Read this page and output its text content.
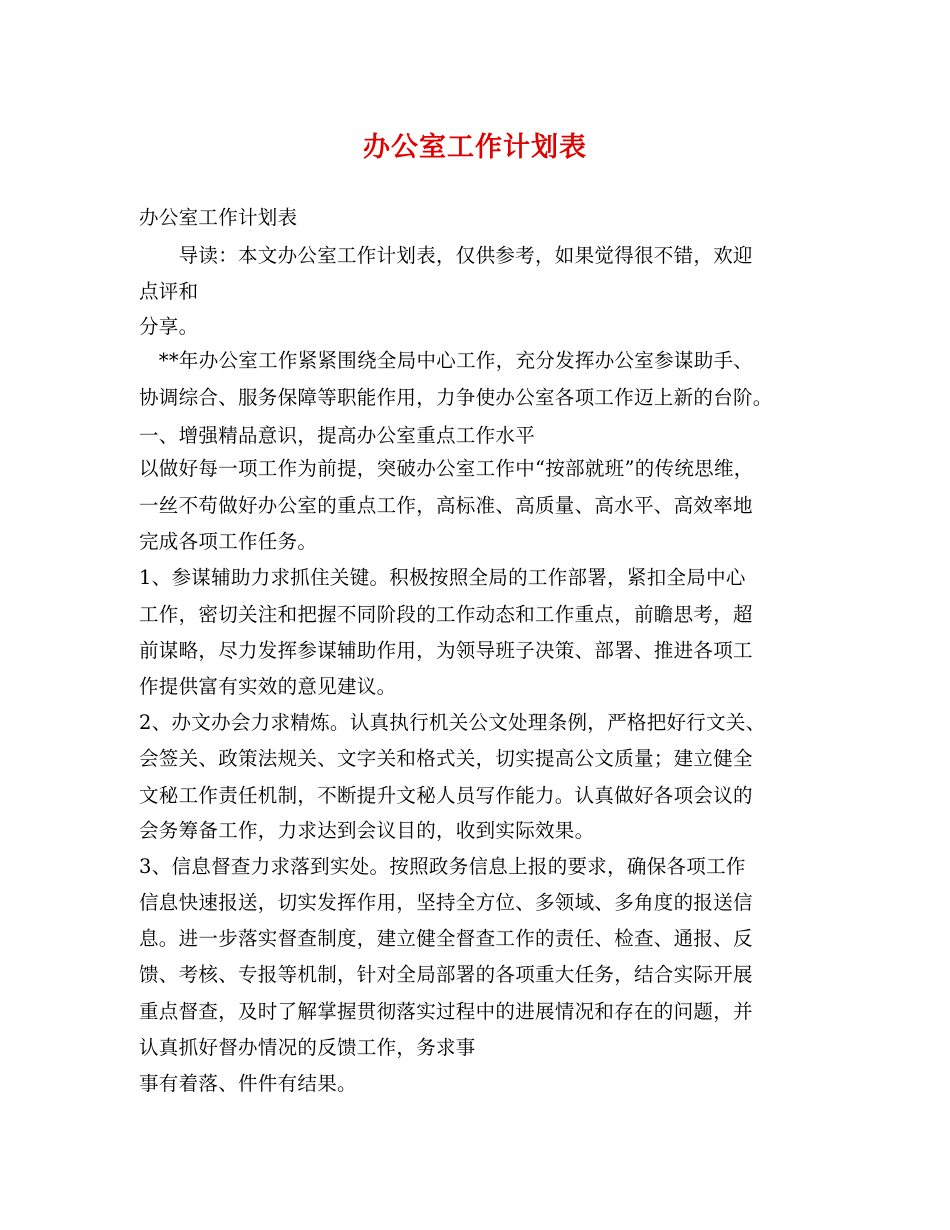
办公室工作计划表
办公室工作计划表
　　导读：本文办公室工作计划表，仅供参考，如果觉得很不错，欢迎
点评和
分享。
　**年办公室工作紧紧围绕全局中心工作，充分发挥办公室参谋助手、
协调综合、服务保障等职能作用，力争使办公室各项工作迈上新的台阶。
一、增强精品意识，提高办公室重点工作水平
以做好每一项工作为前提，突破办公室工作中“按部就班”的传统思维，
一丝不苟做好办公室的重点工作，高标准、高质量、高水平、高效率地
完成各项工作任务。
1、参谋辅助力求抓住关键。积极按照全局的工作部署，紧扣全局中心
工作，密切关注和把握不同阶段的工作动态和工作重点，前瞻思考，超
前谋略，尽力发挥参谋辅助作用，为领导班子决策、部署、推进各项工
作提供富有实效的意见建议。
2、办文办会力求精炼。认真执行机关公文处理条例，严格把好行文关、
会签关、政策法规关、文字关和格式关，切实提高公文质量；建立健全
文秘工作责任机制，不断提升文秘人员写作能力。认真做好各项会议的
会务筹备工作，力求达到会议目的，收到实际效果。
3、信息督查力求落到实处。按照政务信息上报的要求，确保各项工作
信息快速报送，切实发挥作用，坚持全方位、多领域、多角度的报送信
息。进一步落实督查制度，建立健全督查工作的责任、检查、通报、反
馈、考核、专报等机制，针对全局部署的各项重大任务，结合实际开展
重点督查，及时了解掌握贯彻落实过程中的进展情况和存在的问题，并
认真抓好督办情况的反馈工作，务求事
事有着落、件件有结果。
